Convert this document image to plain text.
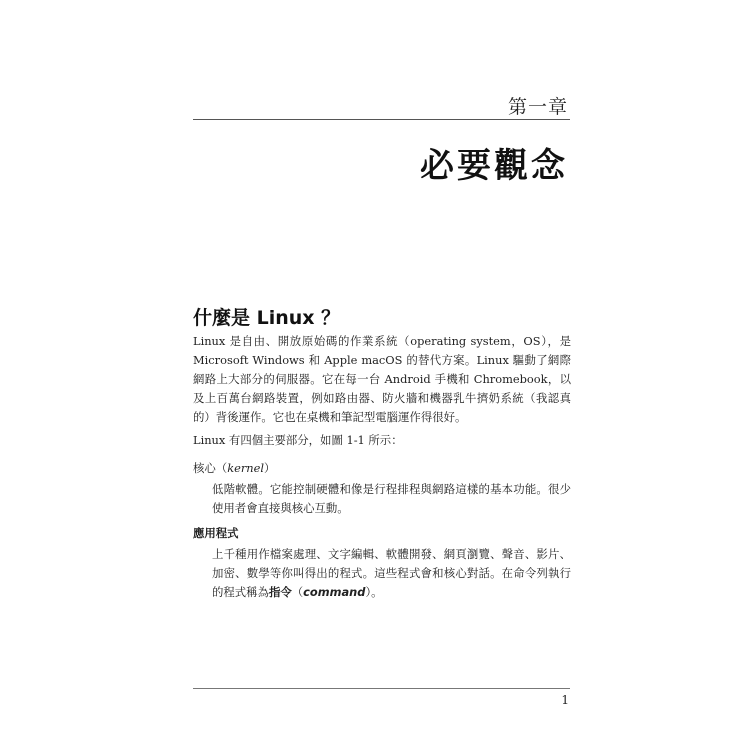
第一章
必要觀念
什麼是 Linux ？
Linux 是自由、開放原始碼的作業系統（operating system，OS），是 Microsoft Windows 和 Apple macOS 的替代方案。Linux 驅動了網際網路上大部分的伺服器。它在每一台 Android 手機和 Chromebook，以及上百萬台網路裝置，例如路由器、防火牆和機器乳牛擠奶系統（我認真的）背後運作。它也在桌機和筆記型電腦運作得很好。
Linux 有四個主要部分，如圖 1-1 所示：
核心（kernel）
低階軟體。它能控制硬體和像是行程排程與網路這樣的基本功能。很少使用者會直接與核心互動。
應用程式
上千種用作檔案處理、文字編輯、軟體開發、網頁瀏覽、聲音、影片、加密、數學等你叫得出的程式。這些程式會和核心對話。在命令列執行的程式稱為指令（command）。
1
